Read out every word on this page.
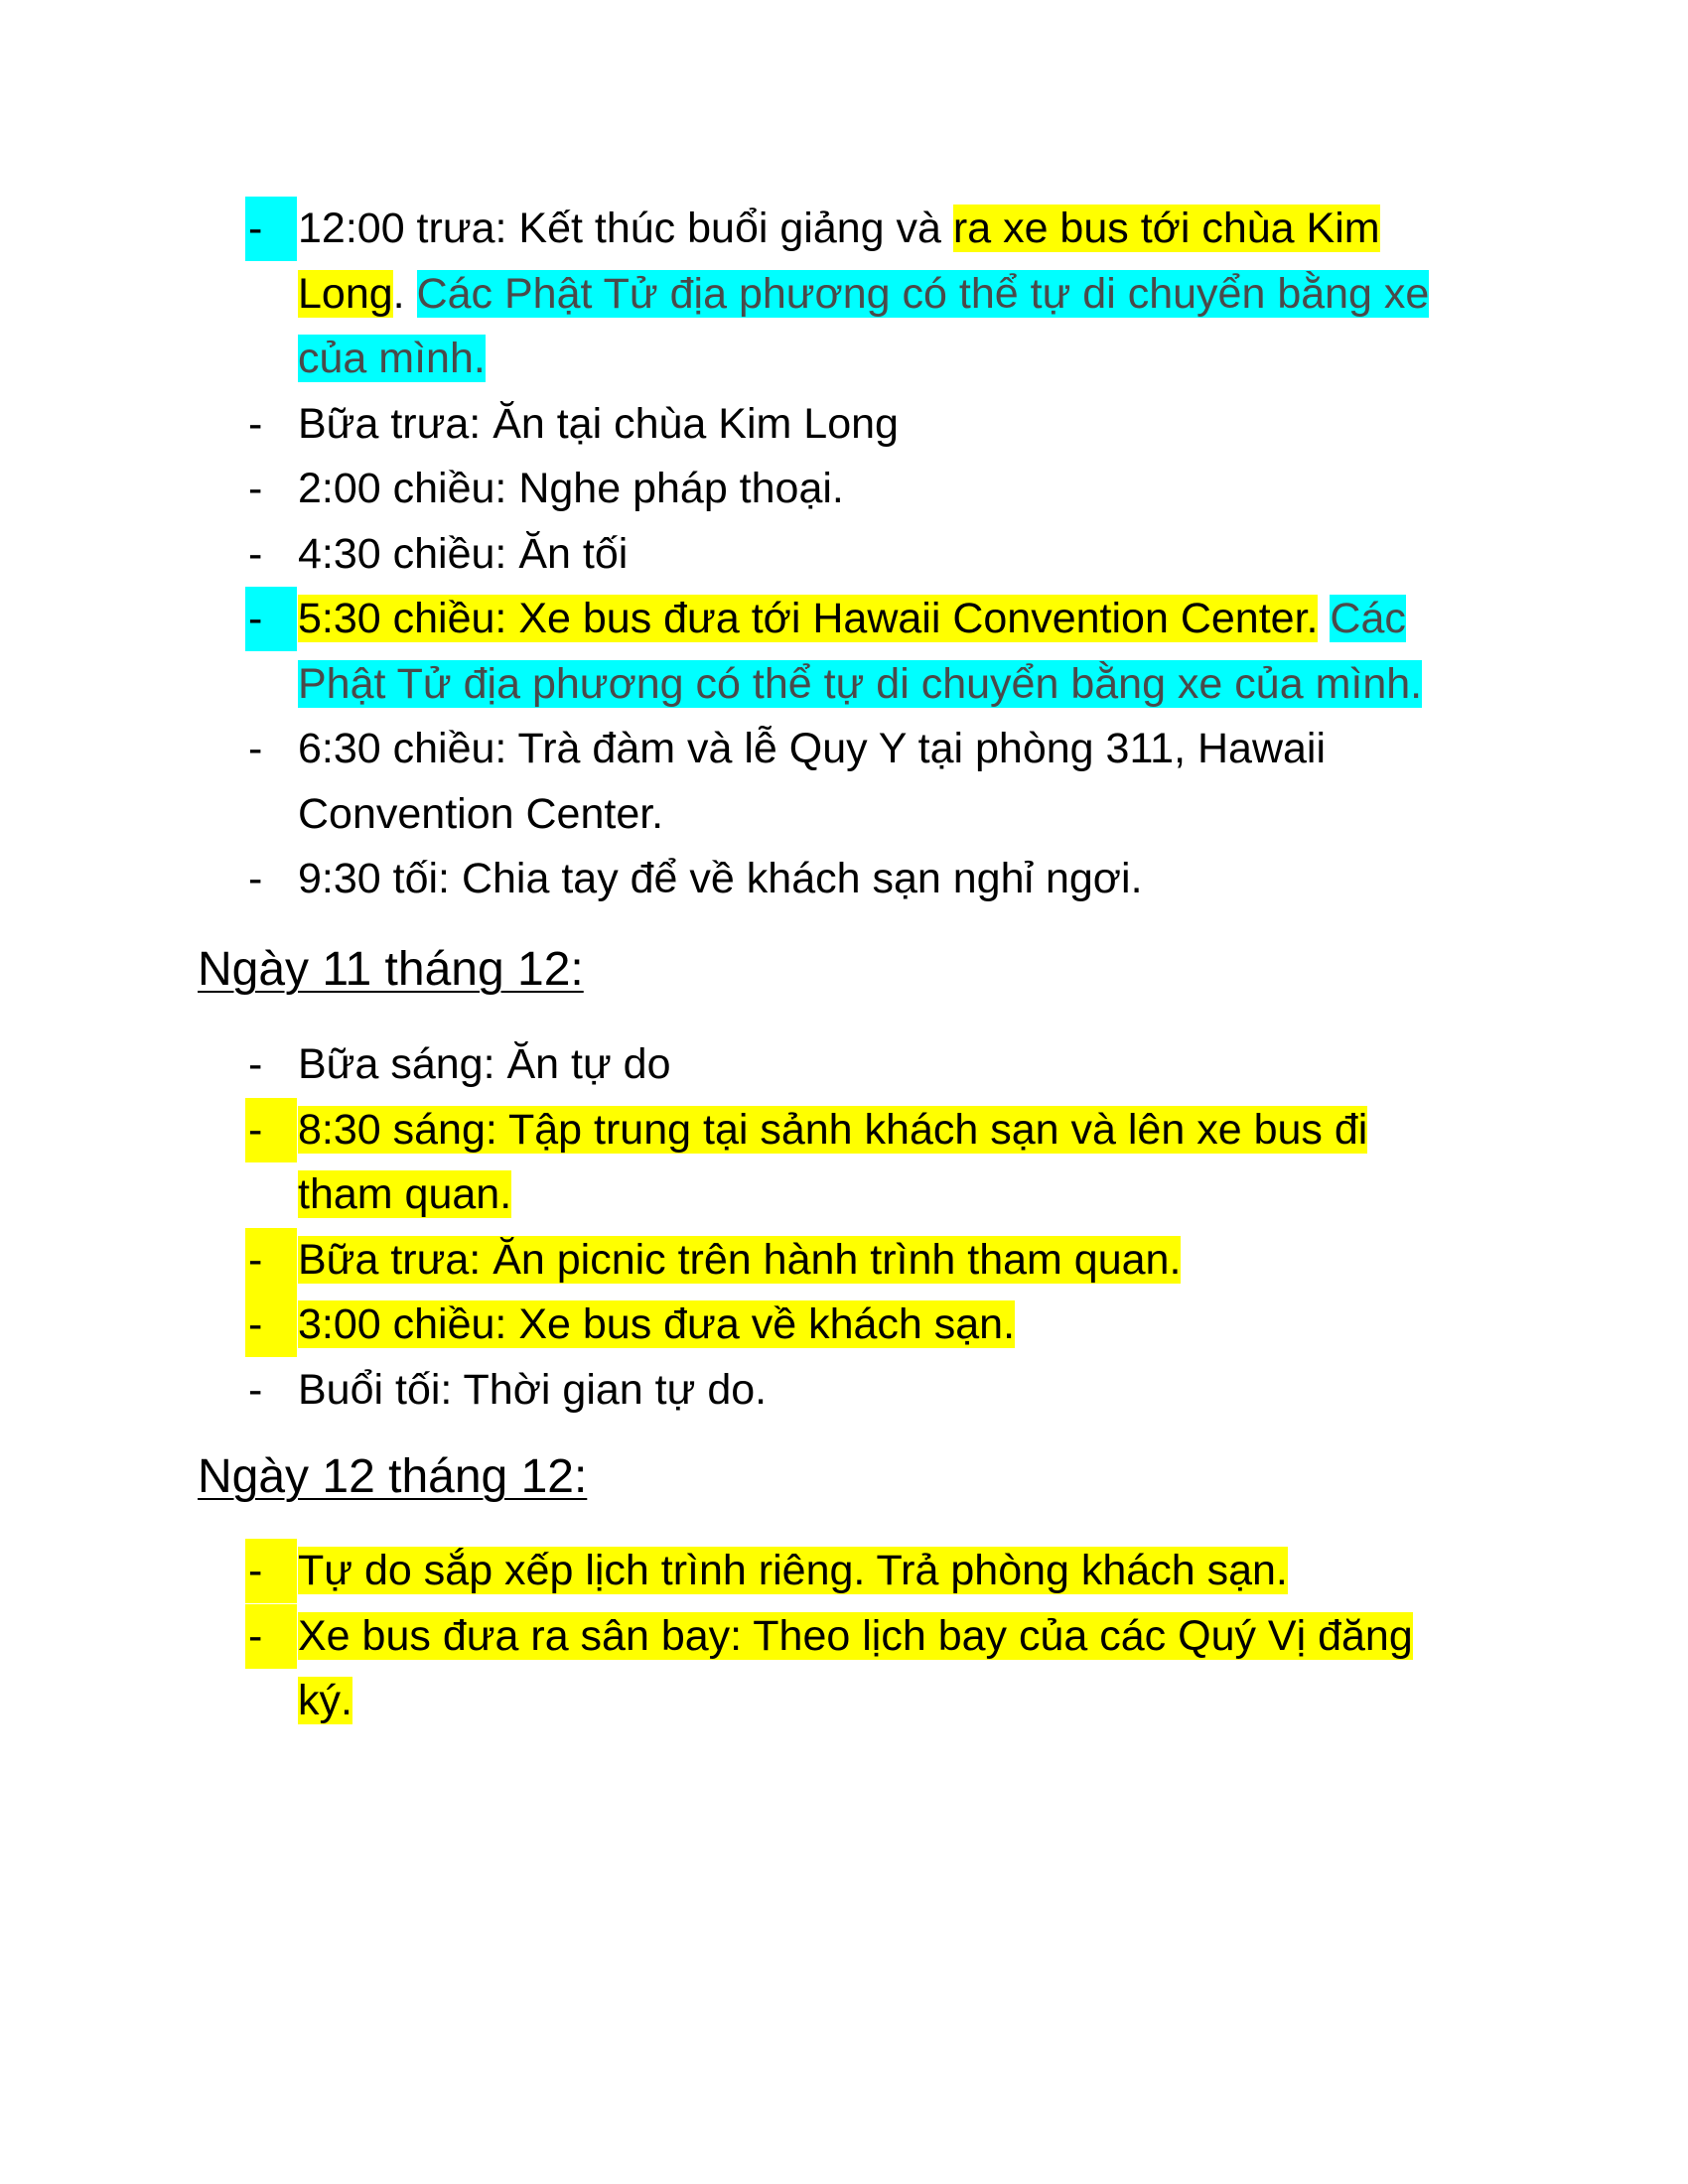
- 12:00 trưa: Kết thúc buổi giảng và ra xe bus tới chùa Kim Long. Các Phật Tử địa phương có thể tự di chuyển bằng xe của mình.
- Bữa trưa: Ăn tại chùa Kim Long
- 2:00 chiều: Nghe pháp thoại.
- 4:30 chiều: Ăn tối
- 5:30 chiều: Xe bus đưa tới Hawaii Convention Center. Các Phật Tử địa phương có thể tự di chuyển bằng xe của mình.
- 6:30 chiều: Trà đàm và lễ Quy Y tại phòng 311, Hawaii Convention Center.
- 9:30 tối: Chia tay để về khách sạn nghỉ ngơi.
Ngày 11 tháng 12:
- Bữa sáng: Ăn tự do
- 8:30 sáng: Tập trung tại sảnh khách sạn và lên xe bus đi tham quan.
- Bữa trưa: Ăn picnic trên hành trình tham quan.
- 3:00 chiều: Xe bus đưa về khách sạn.
- Buổi tối: Thời gian tự do.
Ngày 12 tháng 12:
- Tự do sắp xếp lịch trình riêng. Trả phòng khách sạn.
- Xe bus đưa ra sân bay: Theo lịch bay của các Quý Vị đăng ký.
